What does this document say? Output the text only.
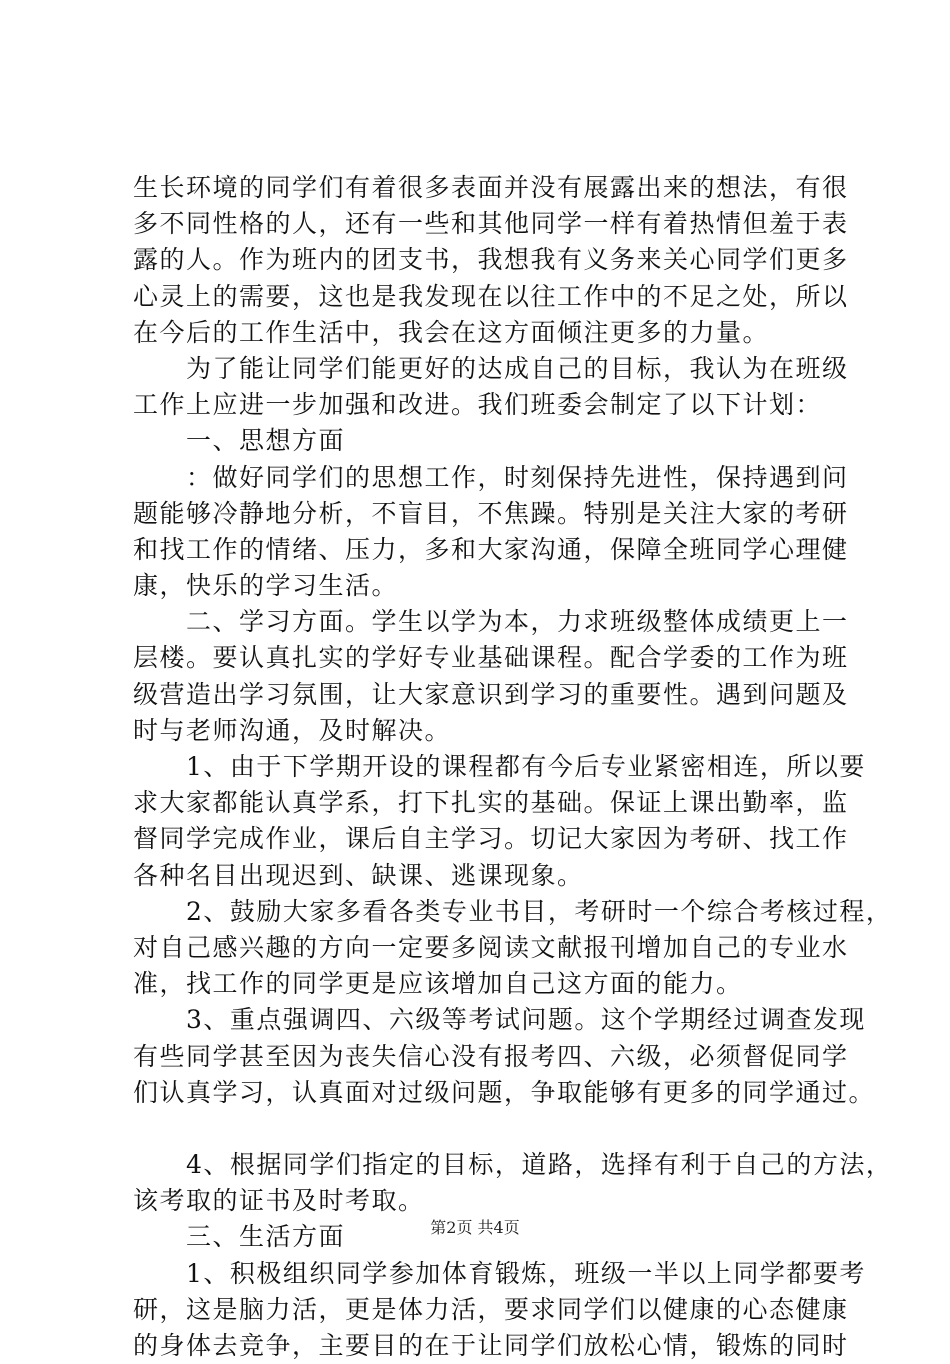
生长环境的同学们有着很多表面并没有展露出来的想法，有很
多不同性格的人，还有一些和其他同学一样有着热情但羞于表
露的人。作为班内的团支书，我想我有义务来关心同学们更多
心灵上的需要，这也是我发现在以往工作中的不足之处，所以
在今后的工作生活中，我会在这方面倾注更多的力量。
　　为了能让同学们能更好的达成自己的目标，我认为在班级
工作上应进一步加强和改进。我们班委会制定了以下计划：
　　一、思想方面
　　：做好同学们的思想工作，时刻保持先进性，保持遇到问
题能够冷静地分析，不盲目，不焦躁。特别是关注大家的考研
和找工作的情绪、压力，多和大家沟通，保障全班同学心理健
康，快乐的学习生活。
　　二、学习方面。学生以学为本，力求班级整体成绩更上一
层楼。要认真扎实的学好专业基础课程。配合学委的工作为班
级营造出学习氛围，让大家意识到学习的重要性。遇到问题及
时与老师沟通，及时解决。
　　1、由于下学期开设的课程都有今后专业紧密相连，所以要
求大家都能认真学系，打下扎实的基础。保证上课出勤率，监
督同学完成作业，课后自主学习。切记大家因为考研、找工作
各种名目出现迟到、缺课、逃课现象。
　　2、鼓励大家多看各类专业书目，考研时一个综合考核过程，
对自己感兴趣的方向一定要多阅读文献报刊增加自己的专业水
准，找工作的同学更是应该增加自己这方面的能力。
　　3、重点强调四、六级等考试问题。这个学期经过调查发现
有些同学甚至因为丧失信心没有报考四、六级，必须督促同学
们认真学习，认真面对过级问题，争取能够有更多的同学通过。
　　4、根据同学们指定的目标，道路，选择有利于自己的方法，
该考取的证书及时考取。
　　三、生活方面
　　1、积极组织同学参加体育锻炼，班级一半以上同学都要考
研，这是脑力活，更是体力活，要求同学们以健康的心态健康
的身体去竞争，主要目的在于让同学们放松心情，锻炼的同时
第2页 共4页
